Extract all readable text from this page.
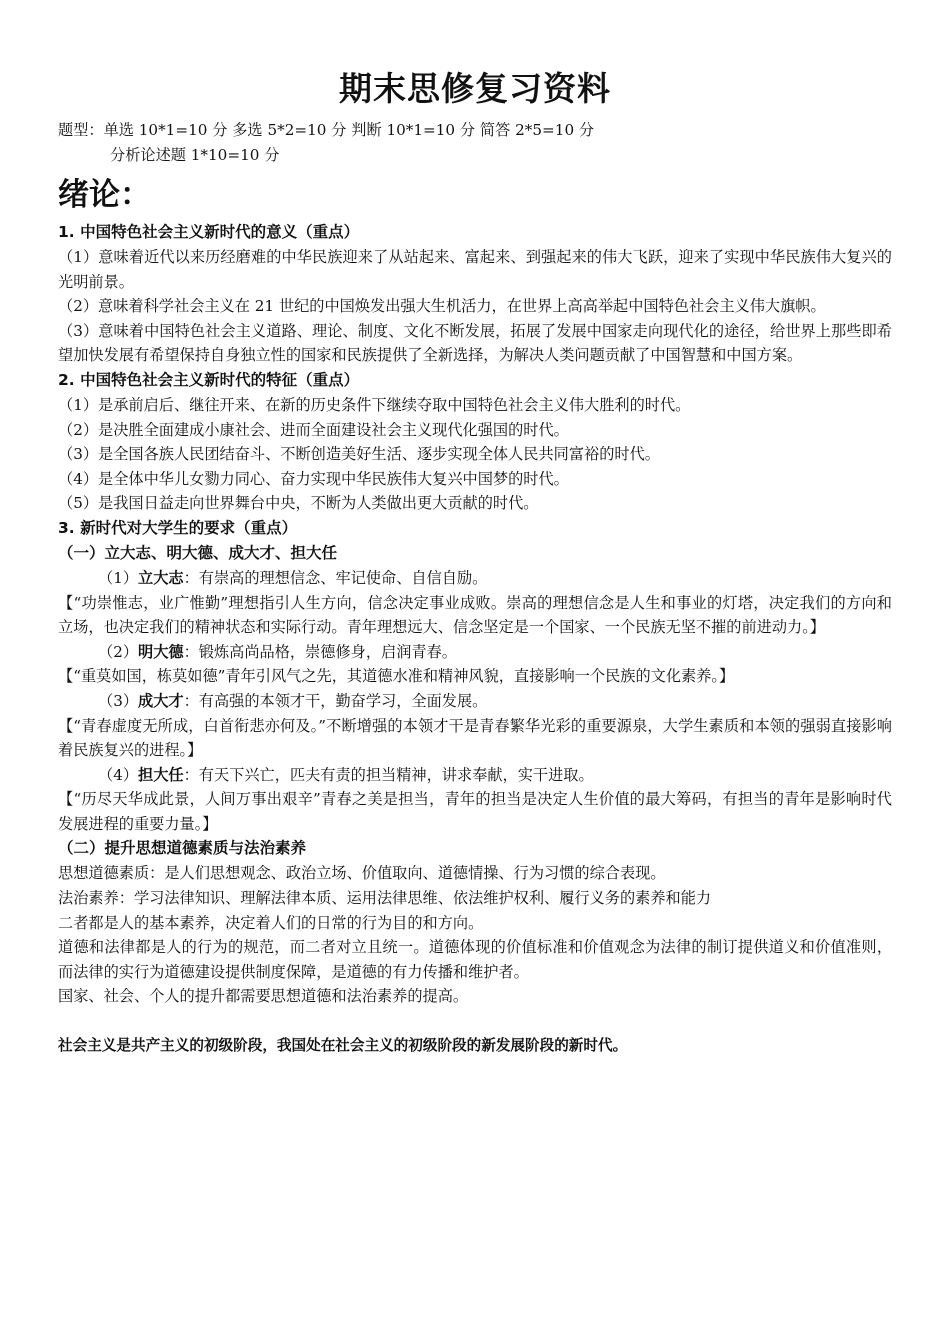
期末思修复习资料

题型：单选 10*1=10 分 多选 5*2=10 分 判断 10*1=10 分 简答 2*5=10 分

分析论述题 1*10=10 分

绪论：

1. 中国特色社会主义新时代的意义（重点）

（1）意味着近代以来历经磨难的中华民族迎来了从站起来、富起来、到强起来的伟大飞跃，迎来了实现中华民族伟大复兴的光明前景。

（2）意味着科学社会主义在 21 世纪的中国焕发出强大生机活力，在世界上高高举起中国特色社会主义伟大旗帜。

（3）意味着中国特色社会主义道路、理论、制度、文化不断发展，拓展了发展中国家走向现代化的途径，给世界上那些即希望加快发展有希望保持自身独立性的国家和民族提供了全新选择，为解决人类问题贡献了中国智慧和中国方案。

2. 中国特色社会主义新时代的特征（重点）

（1）是承前启后、继往开来、在新的历史条件下继续夺取中国特色社会主义伟大胜利的时代。

（2）是决胜全面建成小康社会、进而全面建设社会主义现代化强国的时代。

（3）是全国各族人民团结奋斗、不断创造美好生活、逐步实现全体人民共同富裕的时代。

（4）是全体中华儿女勠力同心、奋力实现中华民族伟大复兴中国梦的时代。

（5）是我国日益走向世界舞台中央，不断为人类做出更大贡献的时代。

3. 新时代对大学生的要求（重点）

（一）立大志、明大德、成大才、担大任

（1）立大志：有崇高的理想信念、牢记使命、自信自励。

【“功崇惟志，业广惟勤”理想指引人生方向，信念决定事业成败。崇高的理想信念是人生和事业的灯塔，决定我们的方向和立场，也决定我们的精神状态和实际行动。青年理想远大、信念坚定是一个国家、一个民族无坚不摧的前进动力。】

（2）明大德：锻炼高尚品格，崇德修身，启润青春。

【“重莫如国，栋莫如德”青年引风气之先，其道德水准和精神风貌，直接影响一个民族的文化素养。】

（3）成大才：有高强的本领才干，勤奋学习，全面发展。

【“青春虚度无所成，白首衔悲亦何及。”不断增强的本领才干是青春繁华光彩的重要源泉，大学生素质和本领的强弱直接影响着民族复兴的进程。】

（4）担大任：有天下兴亡，匹夫有责的担当精神，讲求奉献，实干进取。

【“历尽天华成此景，人间万事出艰辛”青春之美是担当，青年的担当是决定人生价值的最大筹码，有担当的青年是影响时代发展进程的重要力量。】

（二）提升思想道德素质与法治素养

思想道德素质：是人们思想观念、政治立场、价值取向、道德情操、行为习惯的综合表现。

法治素养：学习法律知识、理解法律本质、运用法律思维、依法维护权利、履行义务的素养和能力

二者都是人的基本素养，决定着人们的日常的行为目的和方向。

道德和法律都是人的行为的规范，而二者对立且统一。道德体现的价值标准和价值观念为法律的制订提供道义和价值准则，而法律的实行为道德建设提供制度保障，是道德的有力传播和维护者。

国家、社会、个人的提升都需要思想道德和法治素养的提高。

社会主义是共产主义的初级阶段，我国处在社会主义的初级阶段的新发展阶段的新时代。
